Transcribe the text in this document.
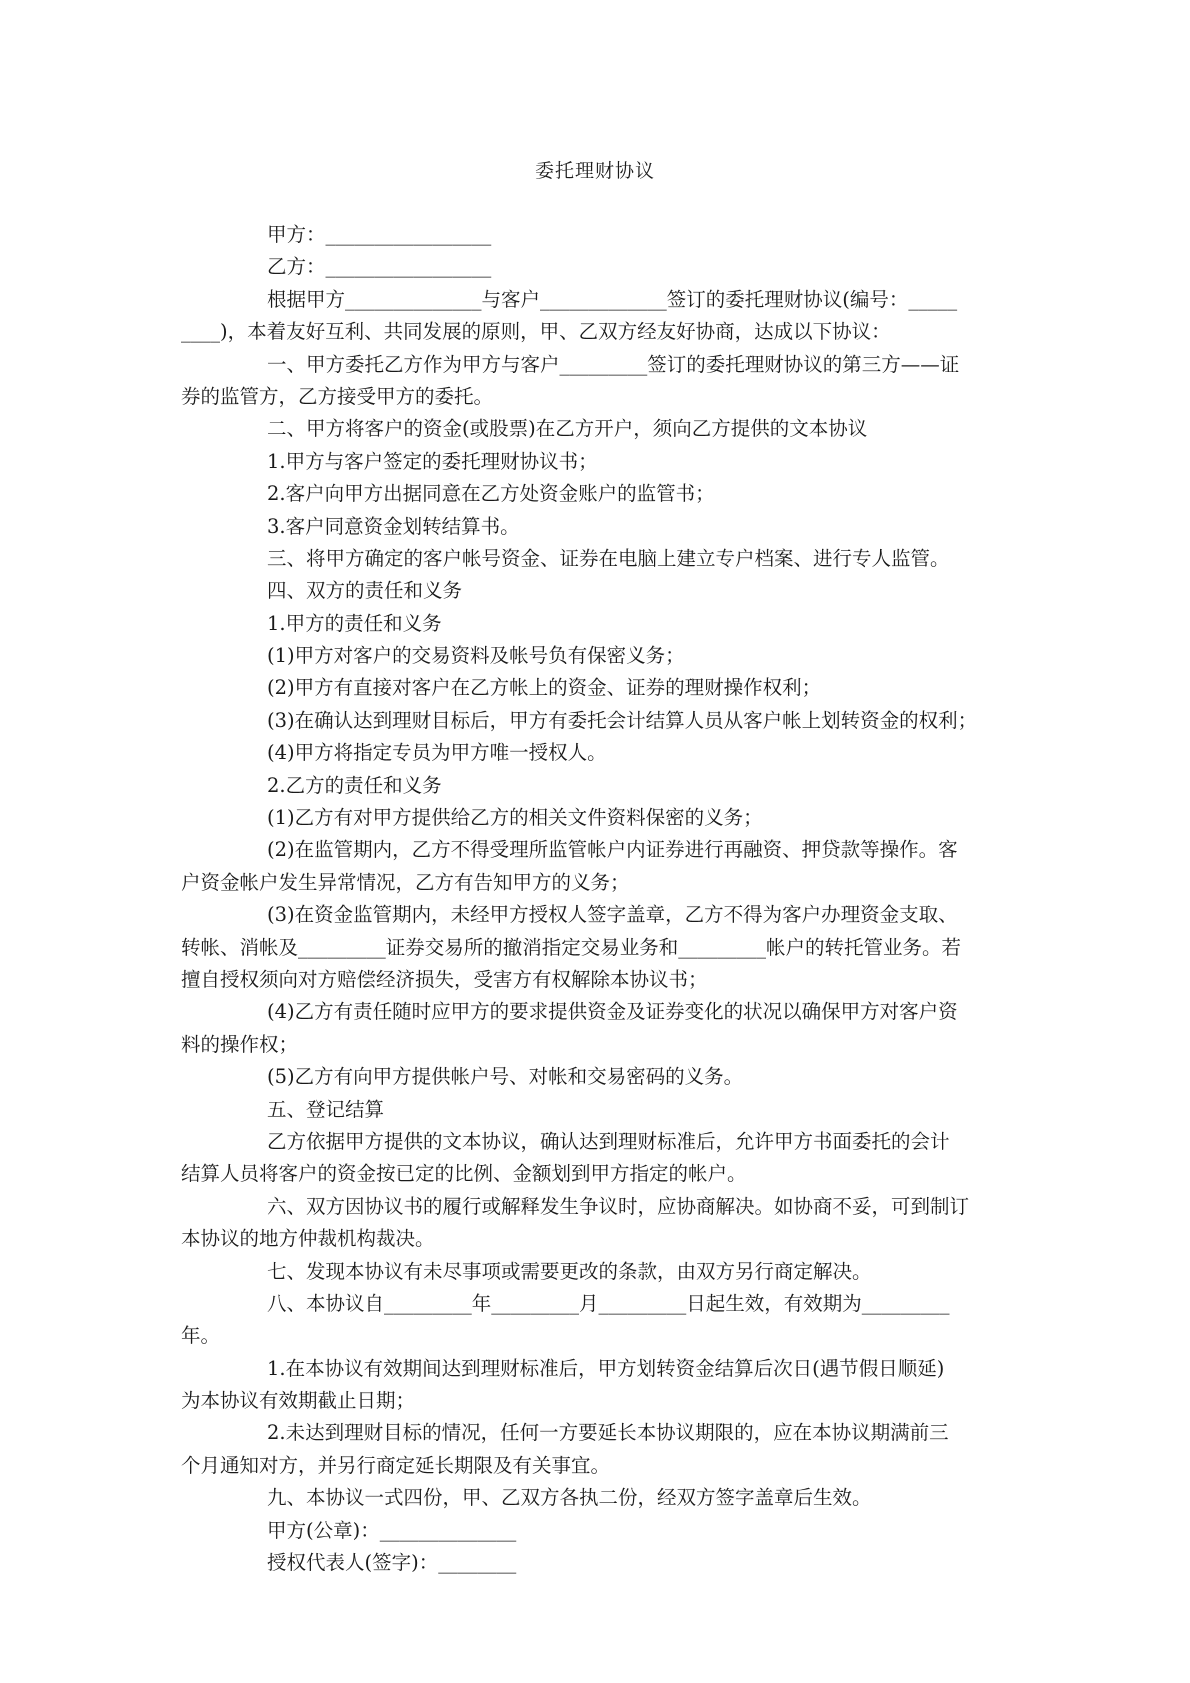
委托理财协议
甲方：_________________
乙方：_________________
根据甲方______________与客户_____________签订的委托理财协议(编号：_____
____)，本着友好互利、共同发展的原则，甲、乙双方经友好协商，达成以下协议：
一、甲方委托乙方作为甲方与客户_________签订的委托理财协议的第三方——证
券的监管方，乙方接受甲方的委托。
二、甲方将客户的资金(或股票)在乙方开户，须向乙方提供的文本协议
1.甲方与客户签定的委托理财协议书；
2.客户向甲方出据同意在乙方处资金账户的监管书；
3.客户同意资金划转结算书。
三、将甲方确定的客户帐号资金、证券在电脑上建立专户档案、进行专人监管。
四、双方的责任和义务
1.甲方的责任和义务
(1)甲方对客户的交易资料及帐号负有保密义务；
(2)甲方有直接对客户在乙方帐上的资金、证券的理财操作权利；
(3)在确认达到理财目标后，甲方有委托会计结算人员从客户帐上划转资金的权利；
(4)甲方将指定专员为甲方唯一授权人。
2.乙方的责任和义务
(1)乙方有对甲方提供给乙方的相关文件资料保密的义务；
(2)在监管期内，乙方不得受理所监管帐户内证券进行再融资、押贷款等操作。客
户资金帐户发生异常情况，乙方有告知甲方的义务；
(3)在资金监管期内，未经甲方授权人签字盖章，乙方不得为客户办理资金支取、
转帐、消帐及_________证券交易所的撤消指定交易业务和_________帐户的转托管业务。若
擅自授权须向对方赔偿经济损失，受害方有权解除本协议书；
(4)乙方有责任随时应甲方的要求提供资金及证券变化的状况以确保甲方对客户资
料的操作权；
(5)乙方有向甲方提供帐户号、对帐和交易密码的义务。
五、登记结算
乙方依据甲方提供的文本协议，确认达到理财标准后，允许甲方书面委托的会计
结算人员将客户的资金按已定的比例、金额划到甲方指定的帐户。
六、双方因协议书的履行或解释发生争议时，应协商解决。如协商不妥，可到制订
本协议的地方仲裁机构裁决。
七、发现本协议有未尽事项或需要更改的条款，由双方另行商定解决。
八、本协议自_________年_________月_________日起生效，有效期为_________
年。
1.在本协议有效期间达到理财标准后，甲方划转资金结算后次日(遇节假日顺延)
为本协议有效期截止日期；
2.未达到理财目标的情况，任何一方要延长本协议期限的，应在本协议期满前三
个月通知对方，并另行商定延长期限及有关事宜。
九、本协议一式四份，甲、乙双方各执二份，经双方签字盖章后生效。
甲方(公章)：______________
授权代表人(签字)：________
